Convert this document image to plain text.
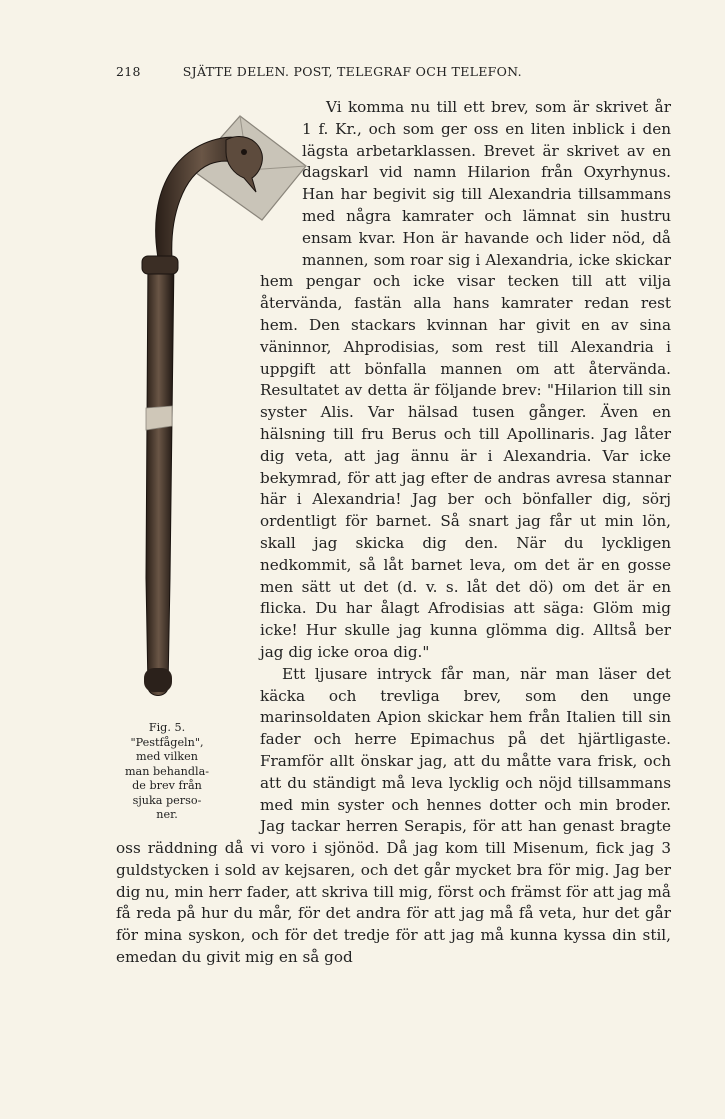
218	SJÄTTE DELEN. POST, TELEGRAF OCH TELEFON.
Fig. 5.
"Pestfågeln",
med vilken
man behandla-
de brev från
sjuka perso-
ner.

Vi komma nu till ett brev, som är skrivet år 1 f. Kr., och som ger oss en liten inblick i den lägsta arbetarklassen. Brevet är skrivet av en dagskarl vid namn Hilarion från Oxyrhynus. Han har begivit sig till Alexandria tillsammans med några kamrater och lämnat sin hustru ensam kvar. Hon är havande och lider nöd, då mannen, som roar sig i Alexandria, icke skickar hem pengar och icke visar tecken till att vilja återvända, fastän alla hans kamrater redan rest hem. Den stackars kvinnan har givit en av sina väninnor, Ahprodisias, som rest till Alexandria i uppgift att bönfalla mannen om att återvända. Resultatet av detta är följande brev: "Hilarion till sin syster Alis. Var hälsad tusen gånger. Även en hälsning till fru Berus och till Apollinaris. Jag låter dig veta, att jag ännu är i Alexandria. Var icke bekymrad, för att jag efter de andras avresa stannar här i Alexandria! Jag ber och bönfaller dig, sörj ordentligt för barnet. Så snart jag får ut min lön, skall jag skicka dig den. När du lyckligen nedkommit, så låt barnet leva, om det är en gosse men sätt ut det (d. v. s. låt det dö) om det är en flicka. Du har ålagt Afrodisias att säga: Glöm mig icke! Hur skulle jag kunna glömma dig. Alltså ber jag dig icke oroa dig."

Ett ljusare intryck får man, när man läser det käcka och trevliga brev, som den unge marinsoldaten Apion skickar hem från Italien till sin fader och herre Epimachus på det hjärtligaste. Framför allt önskar jag, att du måtte vara frisk, och att du ständigt må leva lycklig och nöjd tillsammans med min syster och hennes dotter och min broder. Jag tackar herren Serapis, för att han genast bragte oss räddning då vi voro i sjönöd. Då jag kom till Misenum, fick jag 3 guldstycken i sold av kejsaren, och det går mycket bra för mig. Jag ber dig nu, min herr fader, att skriva till mig, först och främst för att jag må få reda på hur du mår, för det andra för att jag må få veta, hur det går för mina syskon, och för det tredje för att jag må kunna kyssa din stil, emedan du givit mig en så god
